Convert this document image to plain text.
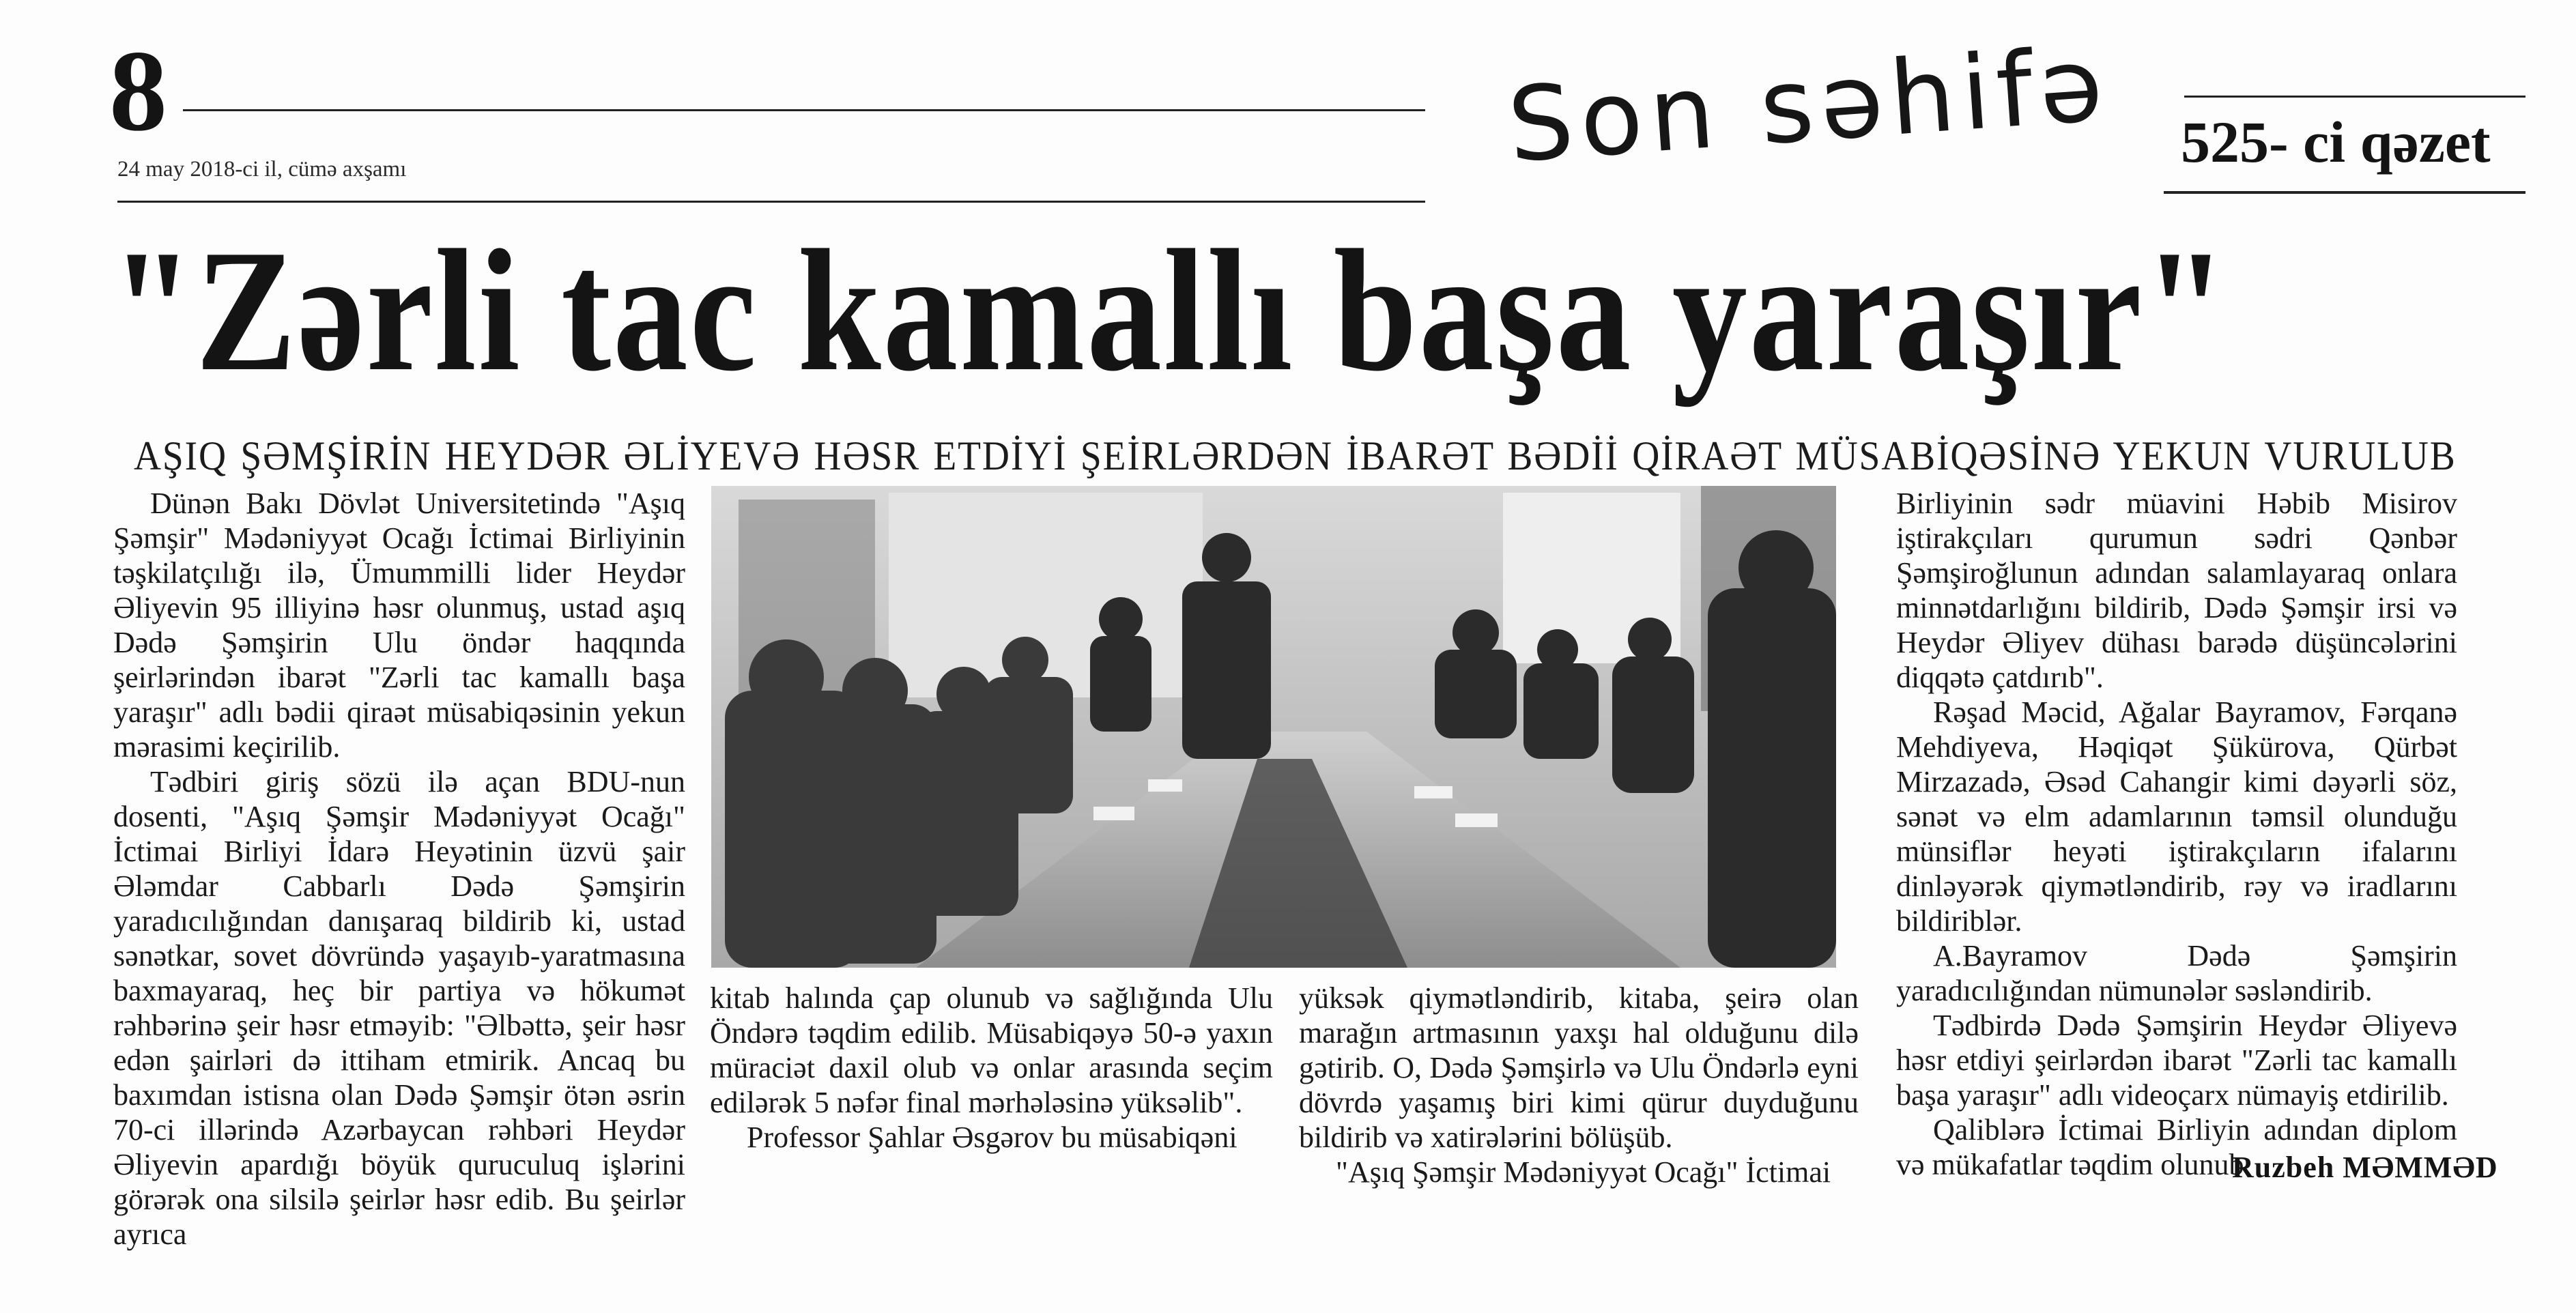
8
24 may 2018-ci il, cümə axşamı	Son səhifə 525- ci qəzet
"Zərli tac kamallı başa yaraşır"
AŞIQ ŞƏMŞİRİN HEYDƏR ƏLİYEVƏ HƏSR ETDİYİ ŞEİRLƏRDƏN İBARƏT BƏDİİ QİRAƏT MÜSABİQƏSİNƏ YEKUN VURULUB

Dünən Bakı Dövlət Universitetində "Aşıq Şəmşir" Mədəniyyət Ocağı İctimai Birliyinin təşkilatçılığı ilə, Ümummilli lider Heydər Əliyevin 95 illiyinə həsr olunmuş, ustad aşıq Dədə Şəmşirin Ulu öndər haqqında şeirlərindən ibarət "Zərli tac kamallı başa yaraşır" adlı bədii qiraət müsabiqəsinin yekun mərasimi keçirilib.

Tədbiri giriş sözü ilə açan BDU-nun dosenti, "Aşıq Şəmşir Mədəniyyət Ocağı" İctimai Birliyi İdarə Heyətinin üzvü şair Ələmdar Cabbarlı Dədə Şəmşirin yaradıcılığından danışaraq bildirib ki, ustad sənətkar, sovet dövründə yaşayıb-yaratmasına baxmayaraq, heç bir partiya və hökumət rəhbərinə şeir həsr etməyib: "Əlbəttə, şeir həsr edən şairləri də ittiham etmirik. Ancaq bu baxımdan istisna olan Dədə Şəmşir ötən əsrin 70-ci illərində Azərbaycan rəhbəri Heydər Əliyevin apardığı böyük quruculuq işlərini görərək ona silsilə şeirlər həsr edib. Bu şeirlər ayrıca

kitab halında çap olunub və sağlığında Ulu Öndərə təqdim edilib. Müsabiqəyə 50-ə yaxın müraciət daxil olub və onlar arasında seçim edilərək 5 nəfər final mərhələsinə yüksəlib".

Professor Şahlar Əsgərov bu müsabiqəni

yüksək qiymətləndirib, kitaba, şeirə olan marağın artmasının yaxşı hal olduğunu dilə gətirib. O, Dədə Şəmşirlə və Ulu Öndərlə eyni dövrdə yaşamış biri kimi qürur duyduğunu bildirib və xatirələrini bölüşüb.

"Aşıq Şəmşir Mədəniyyət Ocağı" İctimai

Birliyinin sədr müavini Həbib Misirov iştirakçıları qurumun sədri Qənbər Şəmşiroğlunun adından salamlayaraq onlara minnətdarlığını bildirib, Dədə Şəmşir irsi və Heydər Əliyev dühası barədə düşüncələrini diqqətə çatdırıb".

Rəşad Məcid, Ağalar Bayramov, Fərqanə Mehdiyeva, Həqiqət Şükürova, Qürbət Mirzazadə, Əsəd Cahangir kimi dəyərli söz, sənət və elm adamlarının təmsil olunduğu münsiflər heyəti iştirakçıların ifalarını dinləyərək qiymətləndirib, rəy və iradlarını bildiriblər.

A.Bayramov Dədə Şəmşirin yaradıcılığından nümunələr səsləndirib.

Tədbirdə Dədə Şəmşirin Heydər Əliyevə həsr etdiyi şeirlərdən ibarət "Zərli tac kamallı başa yaraşır" adlı videoçarx nümayiş etdirilib.

Qaliblərə İctimai Birliyin adından diplom və mükafatlar təqdim olunub.

Ruzbeh MƏMMƏD
